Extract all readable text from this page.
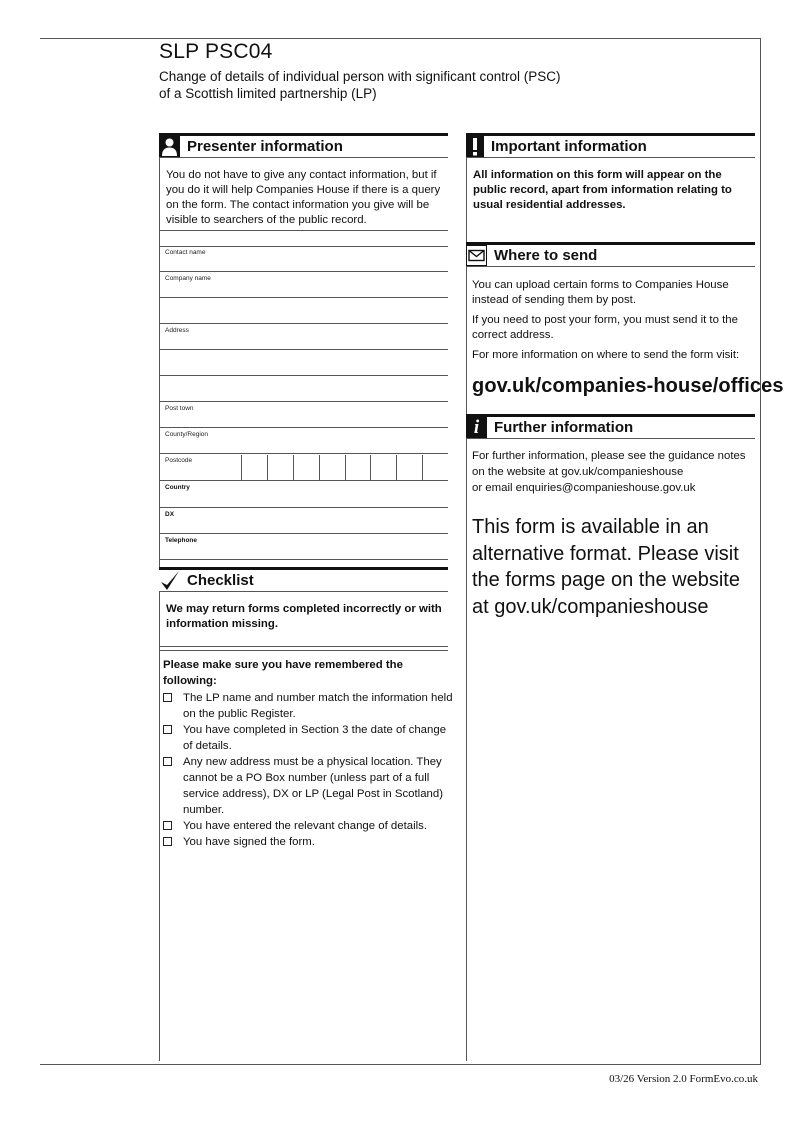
SLP PSC04
Change of details of individual person with significant control (PSC)
of a Scottish limited partnership (LP)
Presenter information
You do not have to give any contact information, but if you do it will help Companies House if there is a query on the form. The contact information you give will be visible to searchers of the public record.
Contact name
Company name
Address
Post town
County/Region
Postcode
Country
DX
Telephone
Checklist
We may return forms completed incorrectly or with information missing.
Please make sure you have remembered the following:
The LP name and number match the information held on the public Register.
You have completed in Section 3 the date of change of details.
Any new address must be a physical location. They cannot be a PO Box number (unless part of a full service address), DX or LP (Legal Post in Scotland) number.
You have entered the relevant change of details.
You have signed the form.
Important information
All information on this form will appear on the public record, apart from information relating to usual residential addresses.
Where to send

You can upload certain forms to Companies House instead of sending them by post.

If you need to post your form, you must send it to the correct address.

For more information on where to send the form visit:

gov.uk/companies-house/offices
i Further information
For further information, please see the guidance notes
on the website at gov.uk/companieshouse
or email enquiries@companieshouse.gov.uk
This form is available in an alternative format. Please visit the forms page on the website at gov.uk/companieshouse
03/26 Version 2.0 FormEvo.co.uk
